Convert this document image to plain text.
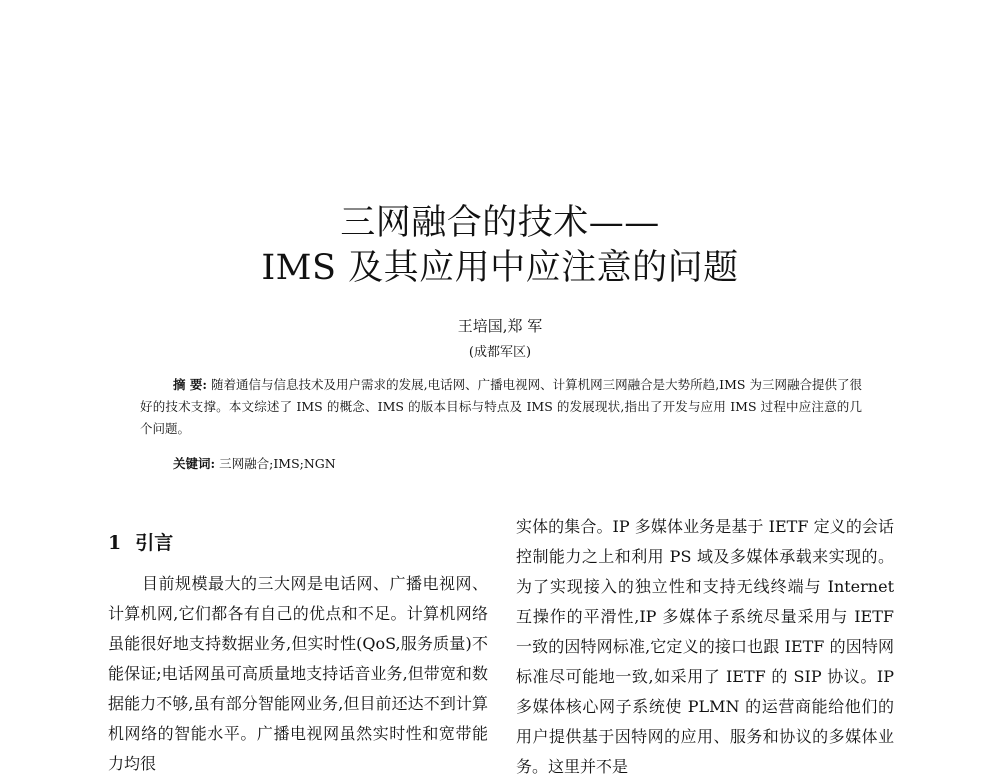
三网融合的技术——
IMS 及其应用中应注意的问题
王培国,郑 军
(成都军区)
摘 要: 随着通信与信息技术及用户需求的发展,电话网、广播电视网、计算机网三网融合是大势所趋,IMS 为三网融合提供了很好的技术支撑。本文综述了 IMS 的概念、IMS 的版本目标与特点及 IMS 的发展现状,指出了开发与应用 IMS 过程中应注意的几个问题。
关键词: 三网融合;IMS;NGN
1 引言
目前规模最大的三大网是电话网、广播电视网、计算机网,它们都各有自己的优点和不足。计算机网络虽能很好地支持数据业务,但实时性(QoS,服务质量)不能保证;电话网虽可高质量地支持话音业务,但带宽和数据能力不够,虽有部分智能网业务,但目前还达不到计算机网络的智能水平。广播电视网虽然实时性和宽带能力均很
实体的集合。IP 多媒体业务是基于 IETF 定义的会话控制能力之上和利用 PS 域及多媒体承载来实现的。为了实现接入的独立性和支持无线终端与 Internet 互操作的平滑性,IP 多媒体子系统尽量采用与 IETF 一致的因特网标准,它定义的接口也跟 IETF 的因特网标准尽可能地一致,如采用了 IETF 的 SIP 协议。IP 多媒体核心网子系统使 PLMN 的运营商能给他们的用户提供基于因特网的应用、服务和协议的多媒体业务。这里并不是
